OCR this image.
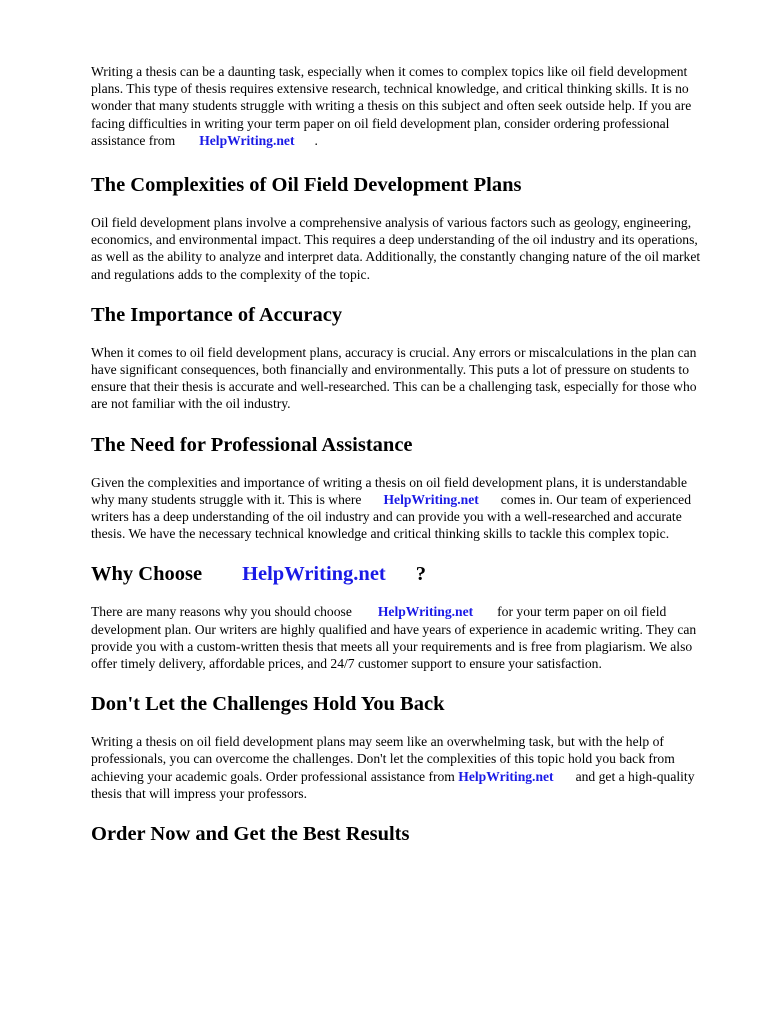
Writing a thesis can be a daunting task, especially when it comes to complex topics like oil field development plans. This type of thesis requires extensive research, technical knowledge, and critical thinking skills. It is no wonder that many students struggle with writing a thesis on this subject and often seek outside help. If you are facing difficulties in writing your term paper on oil field development plan, consider ordering professional assistance from HelpWriting.net .

The Complexities of Oil Field Development Plans

Oil field development plans involve a comprehensive analysis of various factors such as geology, engineering, economics, and environmental impact. This requires a deep understanding of the oil industry and its operations, as well as the ability to analyze and interpret data. Additionally, the constantly changing nature of the oil market and regulations adds to the complexity of the topic.

The Importance of Accuracy

When it comes to oil field development plans, accuracy is crucial. Any errors or miscalculations in the plan can have significant consequences, both financially and environmentally. This puts a lot of pressure on students to ensure that their thesis is accurate and well-researched. This can be a challenging task, especially for those who are not familiar with the oil industry.

The Need for Professional Assistance

Given the complexities and importance of writing a thesis on oil field development plans, it is understandable why many students struggle with it. This is where HelpWriting.net comes in. Our team of experienced writers has a deep understanding of the oil industry and can provide you with a well-researched and accurate thesis. We have the necessary technical knowledge and critical thinking skills to tackle this complex topic.

Why Choose HelpWriting.net ?

There are many reasons why you should choose HelpWriting.net for your term paper on oil field development plan. Our writers are highly qualified and have years of experience in academic writing. They can provide you with a custom-written thesis that meets all your requirements and is free from plagiarism. We also offer timely delivery, affordable prices, and 24/7 customer support to ensure your satisfaction.

Don't Let the Challenges Hold You Back

Writing a thesis on oil field development plans may seem like an overwhelming task, but with the help of professionals, you can overcome the challenges. Don't let the complexities of this topic hold you back from achieving your academic goals. Order professional assistance from HelpWriting.net and get a high-quality thesis that will impress your professors.

Order Now and Get the Best Results
